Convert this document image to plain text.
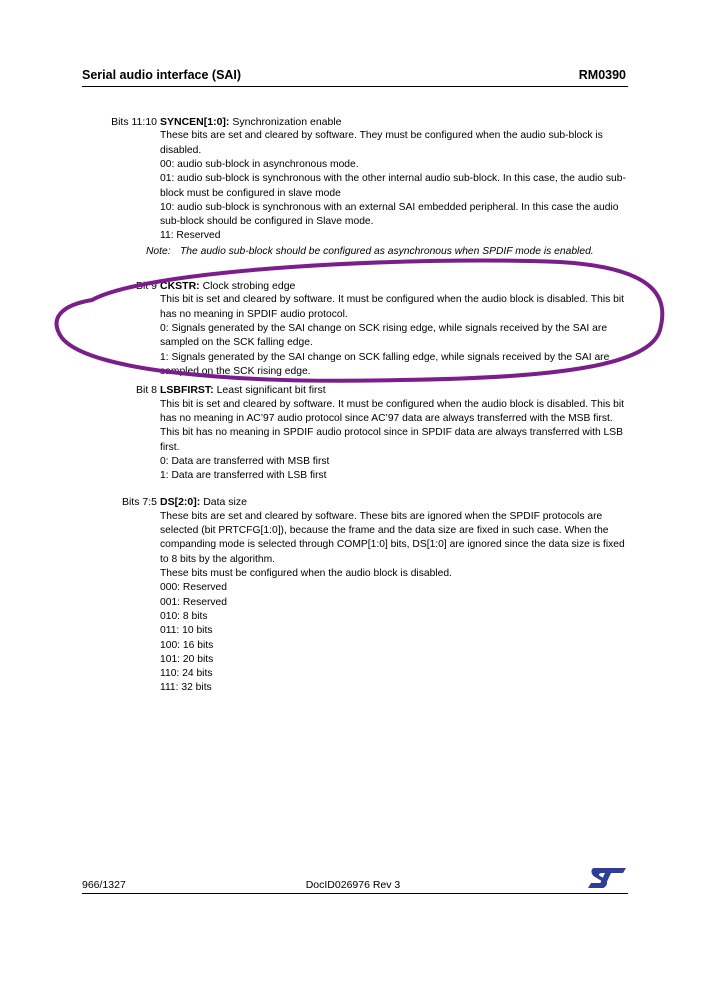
Serial audio interface (SAI)	RM0390
Bits 11:10 SYNCEN[1:0]: Synchronization enable

These bits are set and cleared by software. They must be configured when the audio sub-block is disabled.

00: audio sub-block in asynchronous mode.

01: audio sub-block is synchronous with the other internal audio sub-block. In this case, the audio sub-block must be configured in slave mode

10: audio sub-block is synchronous with an external SAI embedded peripheral. In this case the audio sub-block should be configured in Slave mode.

11: Reserved

Note: The audio sub-block should be configured as asynchronous when SPDIF mode is enabled.
Bit 9 CKSTR: Clock strobing edge

This bit is set and cleared by software. It must be configured when the audio block is disabled. This bit has no meaning in SPDIF audio protocol.

0: Signals generated by the SAI change on SCK rising edge, while signals received by the SAI are sampled on the SCK falling edge.

1: Signals generated by the SAI change on SCK falling edge, while signals received by the SAI are sampled on the SCK rising edge.

Bit 8 LSBFIRST: Least significant bit first

This bit is set and cleared by software. It must be configured when the audio block is disabled. This bit has no meaning in AC’97 audio protocol since AC’97 data are always transferred with the MSB first. This bit has no meaning in SPDIF audio protocol since in SPDIF data are always transferred with LSB first.

0: Data are transferred with MSB first

1: Data are transferred with LSB first

Bits 7:5 DS[2:0]: Data size

These bits are set and cleared by software. These bits are ignored when the SPDIF protocols are selected (bit PRTCFG[1:0]), because the frame and the data size are fixed in such case. When the companding mode is selected through COMP[1:0] bits, DS[1:0] are ignored since the data size is fixed to 8 bits by the algorithm.

These bits must be configured when the audio block is disabled.

000: Reserved

001: Reserved

010: 8 bits

011: 10 bits

100: 16 bits

101: 20 bits

110: 24 bits

111: 32 bits

966/1327	DocID026976 Rev 3
